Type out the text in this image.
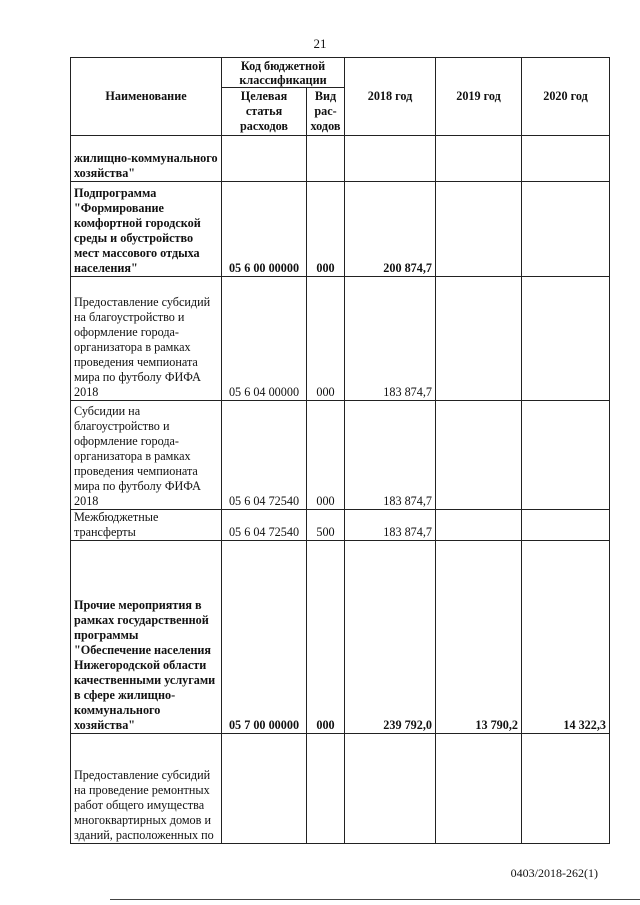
21
Наименование	Код бюджетной классификации		2018 год	2019 год	2020 год
	Целевая статья расходов	Вид рас-ходов			
жилищно-коммунального хозяйства"					
Подпрограмма "Формирование комфортной городской среды и обустройство мест массового отдыха населения"	05 6 00 00000	000	200 874,7		
Предоставление субсидий на благоустройство и оформление города-организатора в рамках проведения чемпионата мира по футболу ФИФА 2018	05 6 04 00000	000	183 874,7		
Субсидии на благоустройство и оформление города-организатора в рамках проведения чемпионата мира по футболу ФИФА 2018	05 6 04 72540	000	183 874,7		
Межбюджетные трансферты	05 6 04 72540	500	183 874,7		
Прочие мероприятия в рамках государственной программы "Обеспечение населения Нижегородской области качественными услугами в сфере жилищно-коммунального хозяйства"	05 7 00 00000	000	239 792,0	13 790,2	14 322,3
Предоставление субсидий на проведение ремонтных работ общего имущества многоквартирных домов и зданий, расположенных по					
0403/2018-262(1)
